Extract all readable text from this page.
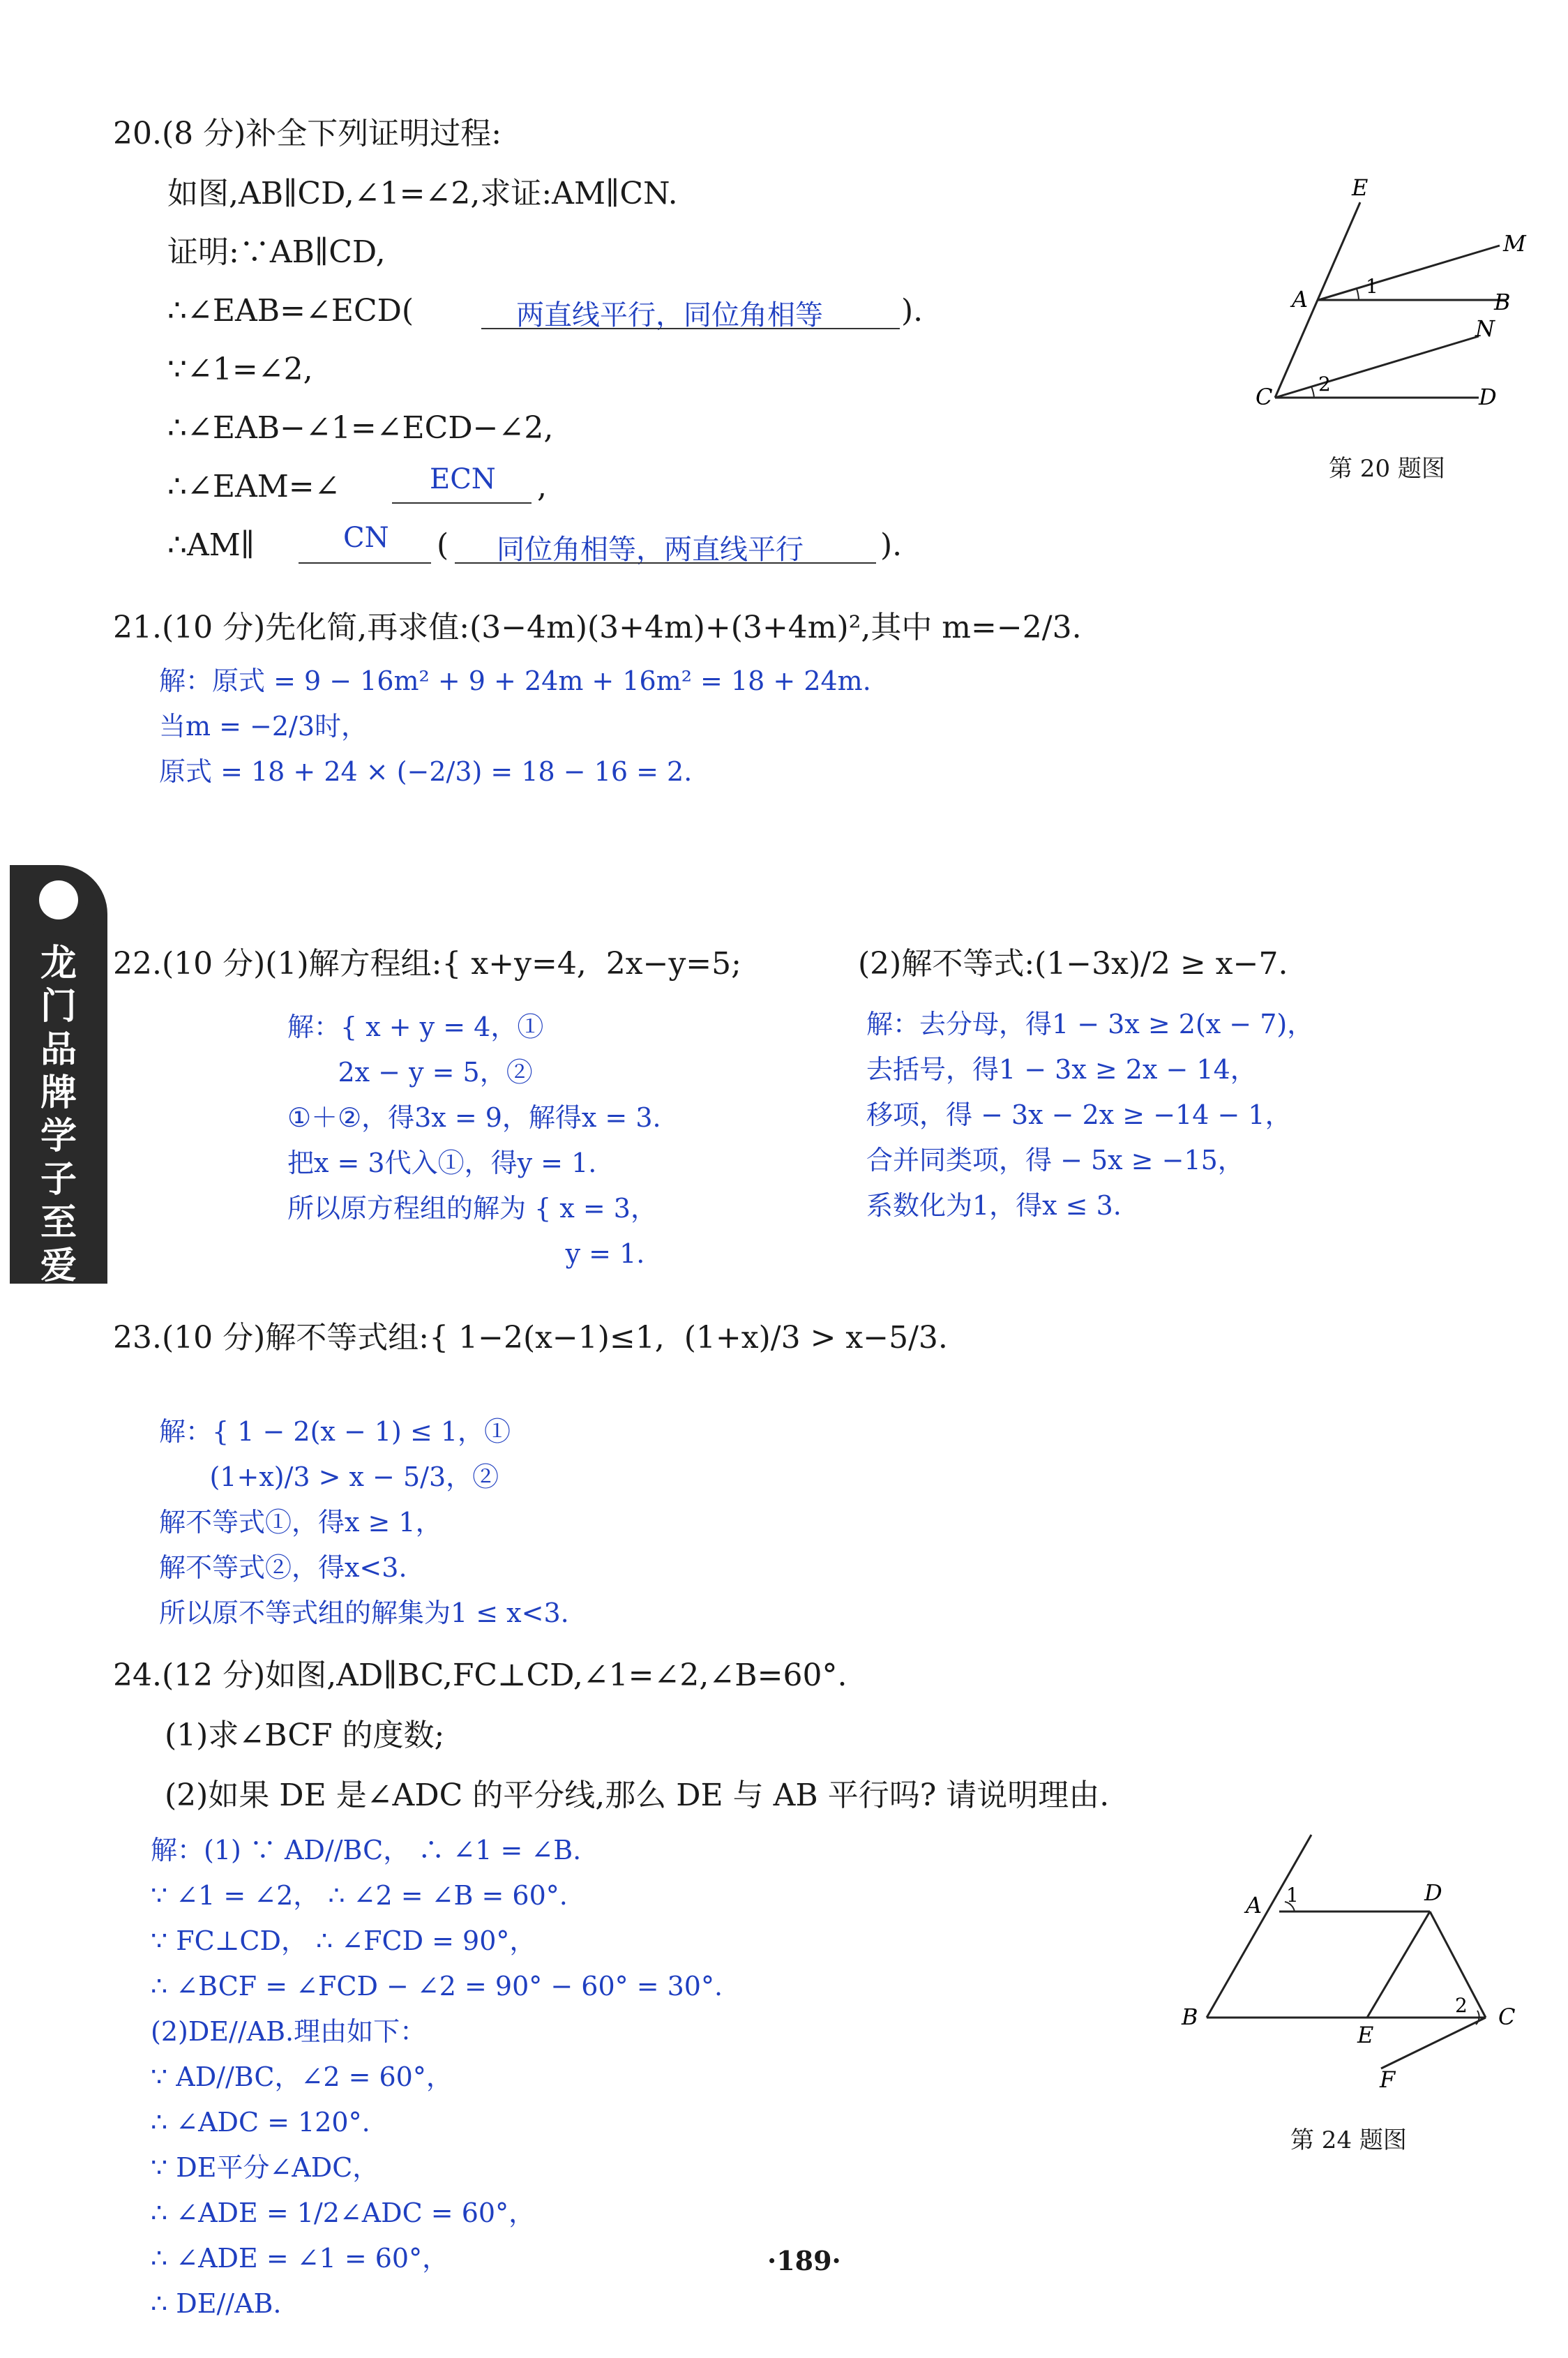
龙门品牌 学子至爱
20.(8 分)补全下列证明过程:
如图,AB∥CD,∠1=∠2,求证:AM∥CN.
证明:∵AB∥CD,
∴∠EAB=∠ECD(	两直线平行，同位角相等	).
∵∠1=∠2,
∴∠EAB−∠1=∠ECD−∠2,
∴∠EAM=∠	ECN ,
∴AM∥	CN ( 同位角相等，两直线平行	).
E
M
A	1
B
N
C 2	D
第 20 题图
21.(10 分)先化简,再求值:(3−4m)(3+4m)+(3+4m)²,其中 m=−2/3.
解：原式 = 9 − 16m² + 9 + 24m + 16m² = 18 + 24m.
当m = −2/3时，
原式 = 18 + 24 × (−2/3) = 18 − 16 = 2.
22.(10 分)(1)解方程组:{ x+y=4,  2x−y=5;	(2)解不等式:(1−3x)/2 ≥ x−7.
解：{ x + y = 4，①
2x − y = 5，②
①＋②，得3x = 9，解得x = 3.
把x = 3代入①，得y = 1.
所以原方程组的解为 { x = 3，
y = 1.
解：去分母，得1 − 3x ≥ 2(x − 7)，
去括号，得1 − 3x ≥ 2x − 14，
移项，得 − 3x − 2x ≥ −14 − 1，
合并同类项，得 − 5x ≥ −15，
系数化为1，得x ≤ 3.
23.(10 分)解不等式组:{ 1−2(x−1)≤1,  (1+x)/3 > x−5/3.
解：{ 1 − 2(x − 1) ≤ 1，①
(1+x)/3 > x − 5/3，②
解不等式①，得x ≥ 1，
解不等式②，得x<3.
所以原不等式组的解集为1 ≤ x<3.
24.(12 分)如图,AD∥BC,FC⊥CD,∠1=∠2,∠B=60°.
(1)求∠BCF 的度数;
(2)如果 DE 是∠ADC 的平分线,那么 DE 与 AB 平行吗? 请说明理由.
解：(1) ∵ AD//BC， ∴ ∠1 = ∠B.
∵ ∠1 = ∠2， ∴ ∠2 = ∠B = 60°.
∵ FC⊥CD， ∴ ∠FCD = 90°，
∴ ∠BCF = ∠FCD − ∠2 = 90° − 60° = 30°.
(2)DE//AB.理由如下：
∵ AD//BC，∠2 = 60°，
∴ ∠ADC = 120°.
∵ DE平分∠ADC，
∴ ∠ADE = 1/2∠ADC = 60°，
∴ ∠ADE = ∠1 = 60°，
∴ DE//AB.
A 1	D
B
E
2 C
F
第 24 题图
·189·
